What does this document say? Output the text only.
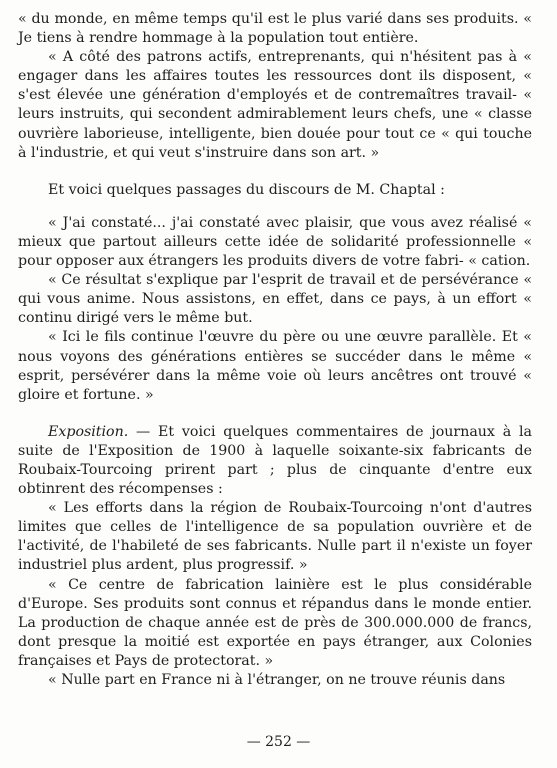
« du monde, en même temps qu'il est le plus varié dans ses produits. « Je tiens à rendre hommage à la population tout entière.

« A côté des patrons actifs, entreprenants, qui n'hésitent pas à « engager dans les affaires toutes les ressources dont ils disposent, « s'est élevée une génération d'employés et de contremaîtres travail- « leurs instruits, qui secondent admirablement leurs chefs, une « classe ouvrière laborieuse, intelligente, bien douée pour tout ce « qui touche à l'industrie, et qui veut s'instruire dans son art. »

Et voici quelques passages du discours de M. Chaptal :

« J'ai constaté... j'ai constaté avec plaisir, que vous avez réalisé « mieux que partout ailleurs cette idée de solidarité professionnelle « pour opposer aux étrangers les produits divers de votre fabri- « cation.

« Ce résultat s'explique par l'esprit de travail et de persévérance « qui vous anime. Nous assistons, en effet, dans ce pays, à un effort « continu dirigé vers le même but.

« Ici le fils continue l'œuvre du père ou une œuvre parallèle. Et « nous voyons des générations entières se succéder dans le même « esprit, persévérer dans la même voie où leurs ancêtres ont trouvé « gloire et fortune. »

Exposition. — Et voici quelques commentaires de journaux à la suite de l'Exposition de 1900 à laquelle soixante-six fabricants de Roubaix-Tourcoing prirent part ; plus de cinquante d'entre eux obtinrent des récompenses :

« Les efforts dans la région de Roubaix-Tourcoing n'ont d'autres limites que celles de l'intelligence de sa population ouvrière et de l'activité, de l'habileté de ses fabricants. Nulle part il n'existe un foyer industriel plus ardent, plus progressif. »

« Ce centre de fabrication lainière est le plus considérable d'Europe. Ses produits sont connus et répandus dans le monde entier. La production de chaque année est de près de 300.000.000 de francs, dont presque la moitié est exportée en pays étranger, aux Colonies françaises et Pays de protectorat. »

« Nulle part en France ni à l'étranger, on ne trouve réunis dans

— 252 —
